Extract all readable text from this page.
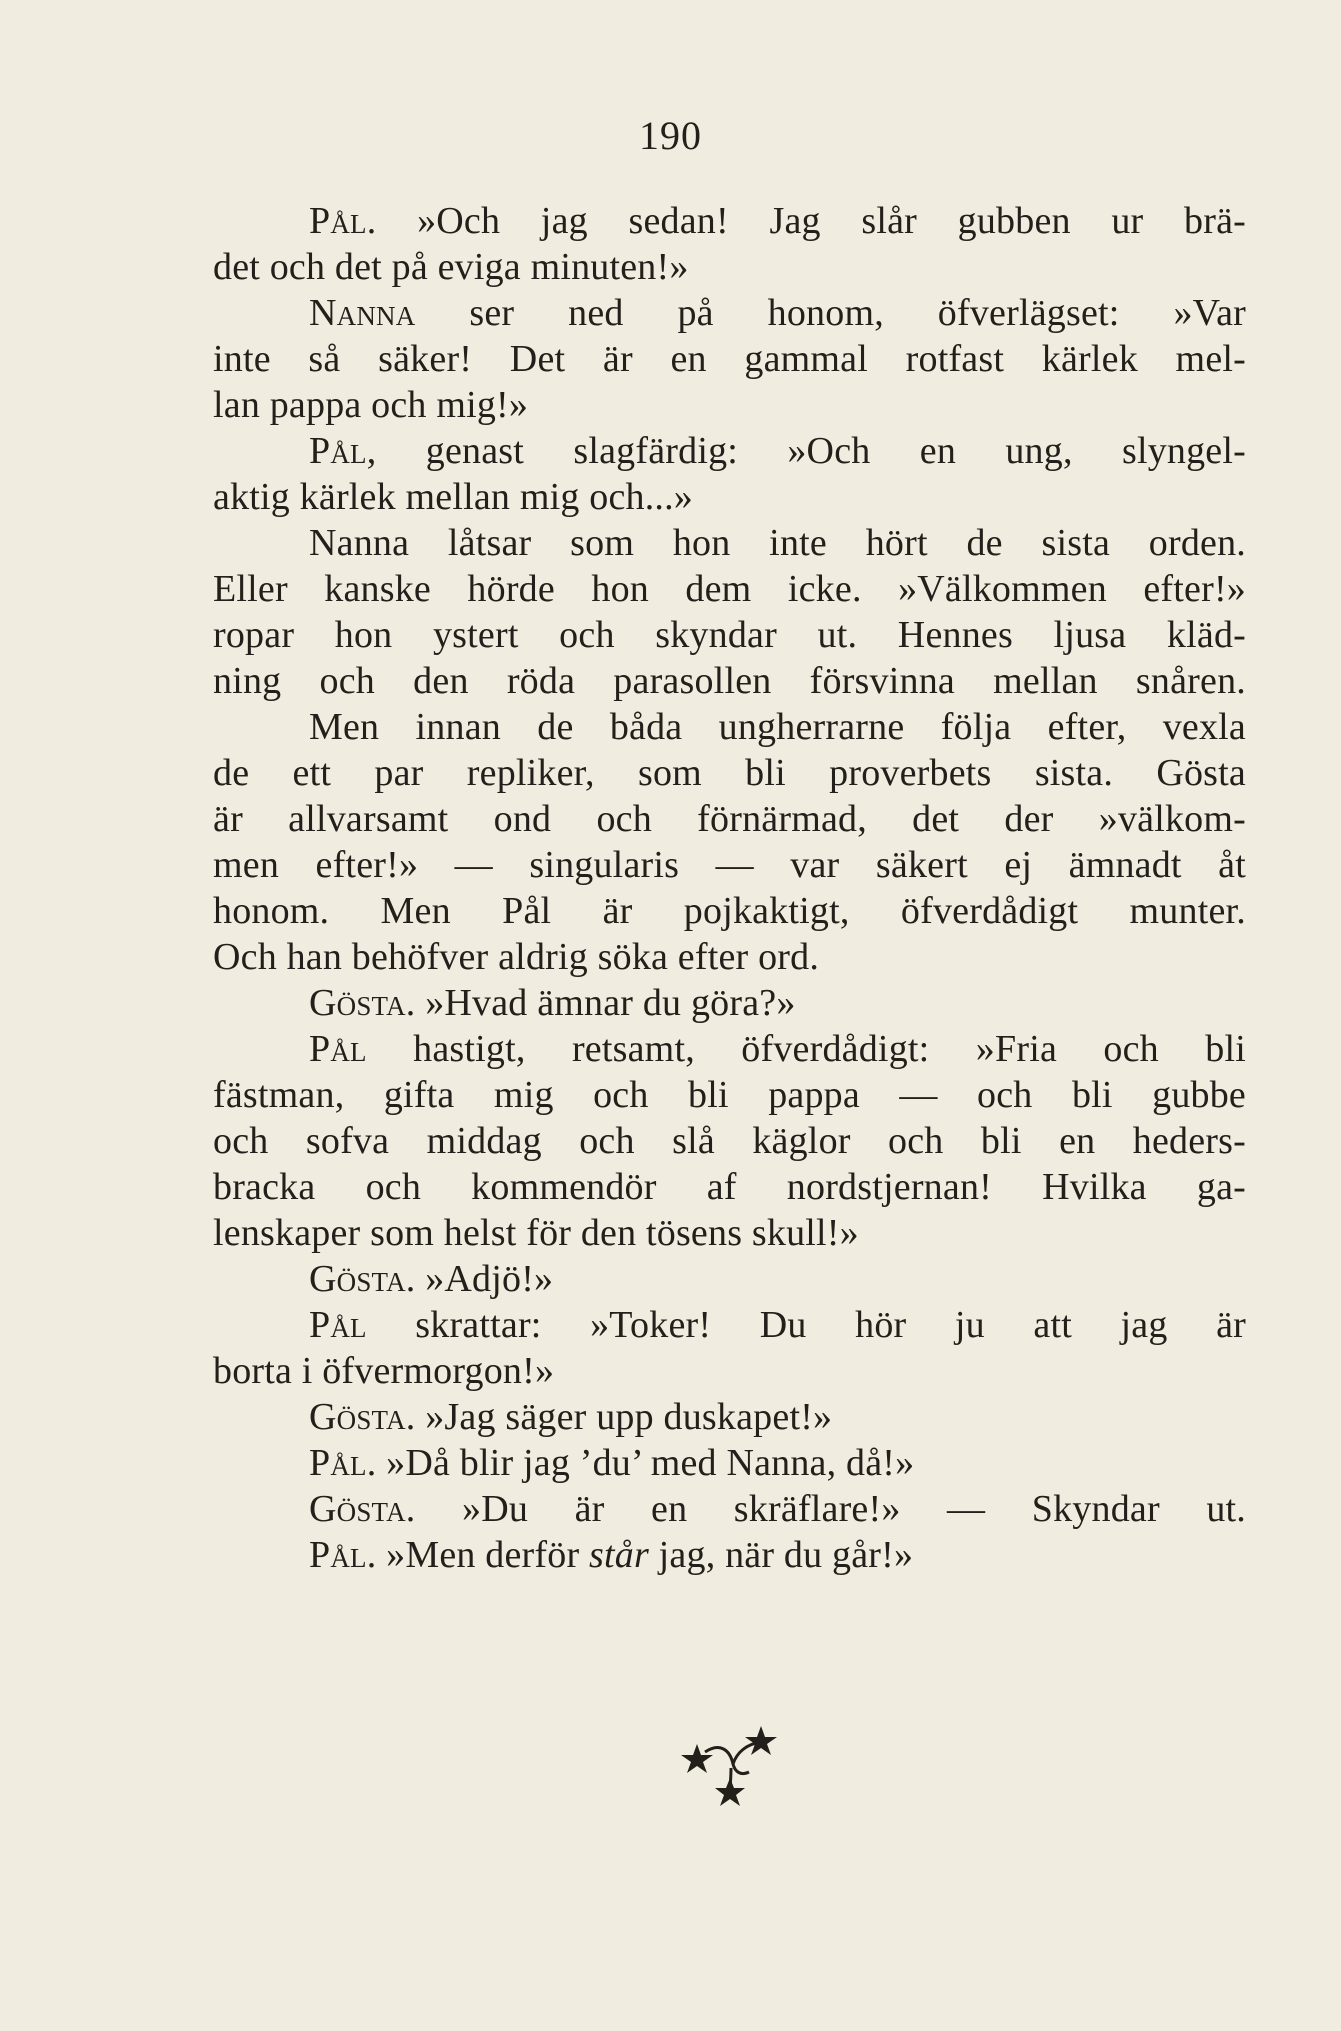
190
Pål. »Och jag sedan! Jag slår gubben ur brä-
det och det på eviga minuten!»
Nanna ser ned på honom, öfverlägset: »Var
inte så säker! Det är en gammal rotfast kärlek mel-
lan pappa och mig!»
Pål, genast slagfärdig: »Och en ung, slyngel-
aktig kärlek mellan mig och...»
Nanna låtsar som hon inte hört de sista orden.
Eller kanske hörde hon dem icke. »Välkommen efter!»
ropar hon ystert och skyndar ut. Hennes ljusa kläd-
ning och den röda parasollen försvinna mellan snåren.
Men innan de båda ungherrarne följa efter, vexla
de ett par repliker, som bli proverbets sista. Gösta
är allvarsamt ond och förnärmad, det der »välkom-
men efter!» — singularis — var säkert ej ämnadt åt
honom. Men Pål är pojkaktigt, öfverdådigt munter.
Och han behöfver aldrig söka efter ord.
Gösta. »Hvad ämnar du göra?»
Pål hastigt, retsamt, öfverdådigt: »Fria och bli
fästman, gifta mig och bli pappa — och bli gubbe
och sofva middag och slå käglor och bli en heders-
bracka och kommendör af nordstjernan! Hvilka ga-
lenskaper som helst för den tösens skull!»
Gösta. »Adjö!»
Pål skrattar: »Toker! Du hör ju att jag är
borta i öfvermorgon!»
Gösta. »Jag säger upp duskapet!»
Pål. »Då blir jag ’du’ med Nanna, då!»
Gösta. »Du är en skräflare!» — Skyndar ut.
Pål. »Men derför står jag, när du går!»
